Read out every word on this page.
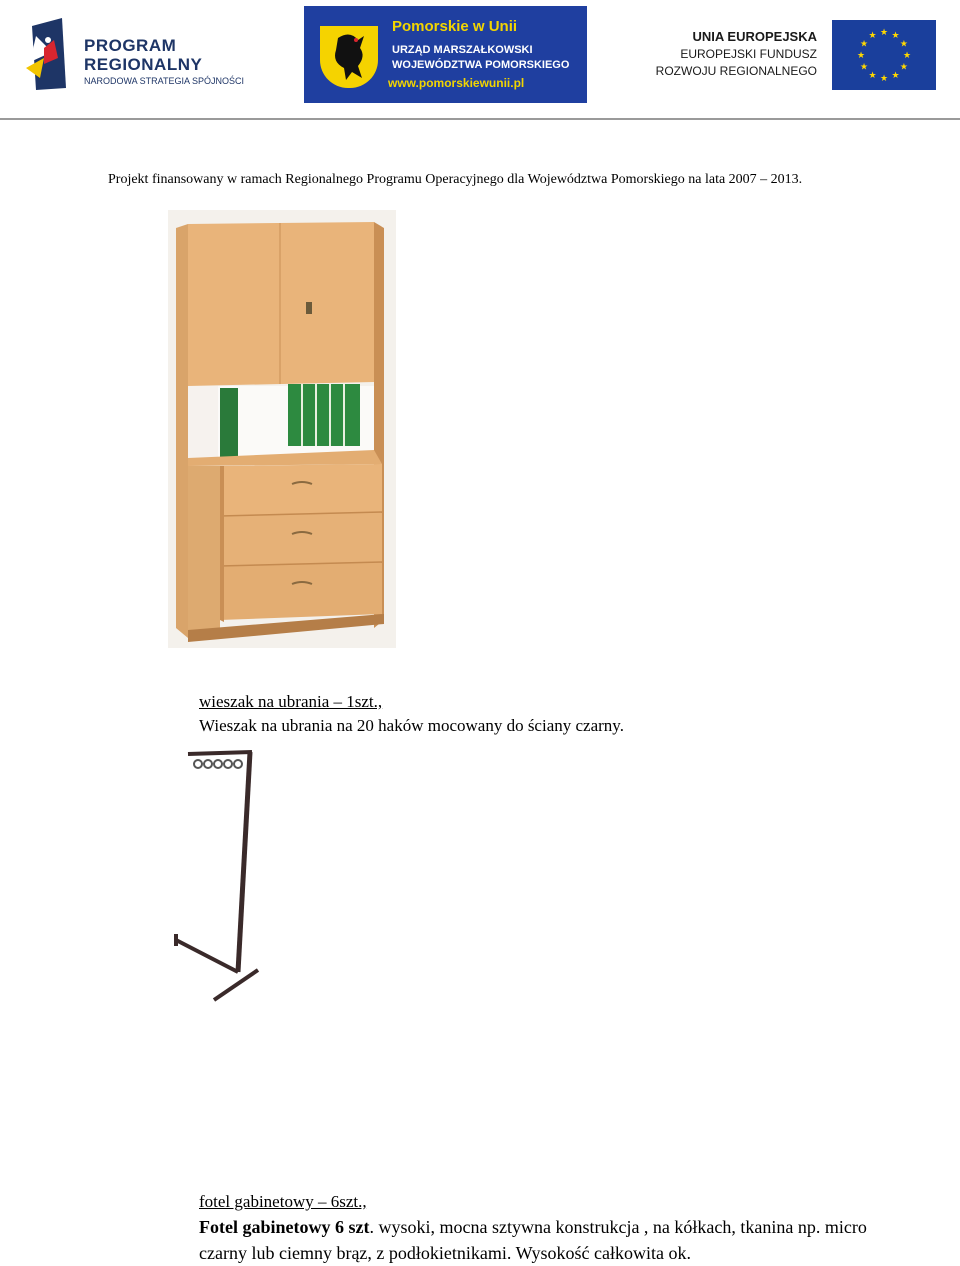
PROGRAM
REGIONALNY
NARODOWA STRATEGIA SPÓJNOŚCI
Pomorskie w Unii
URZĄD MARSZAŁKOWSKI
WOJEWÓDZTWA POMORSKIEGO
www.pomorskiewunii.pl
UNIA EUROPEJSKA
EUROPEJSKI FUNDUSZ
ROZWOJU REGIONALNEGO
★ ★
★
★
★
★
★
★
★
★
★
★
Projekt finansowany w ramach Regionalnego Programu Operacyjnego dla Województwa Pomorskiego na lata 2007 – 2013.
wieszak na ubrania – 1szt.,
Wieszak na ubrania na 20 haków mocowany do ściany czarny.
fotel gabinetowy – 6szt.,
Fotel gabinetowy 6 szt. wysoki, mocna sztywna konstrukcja , na kółkach, tkanina np. micro czarny lub ciemny brąz, z podłokietnikami. Wysokość całkowita ok.
